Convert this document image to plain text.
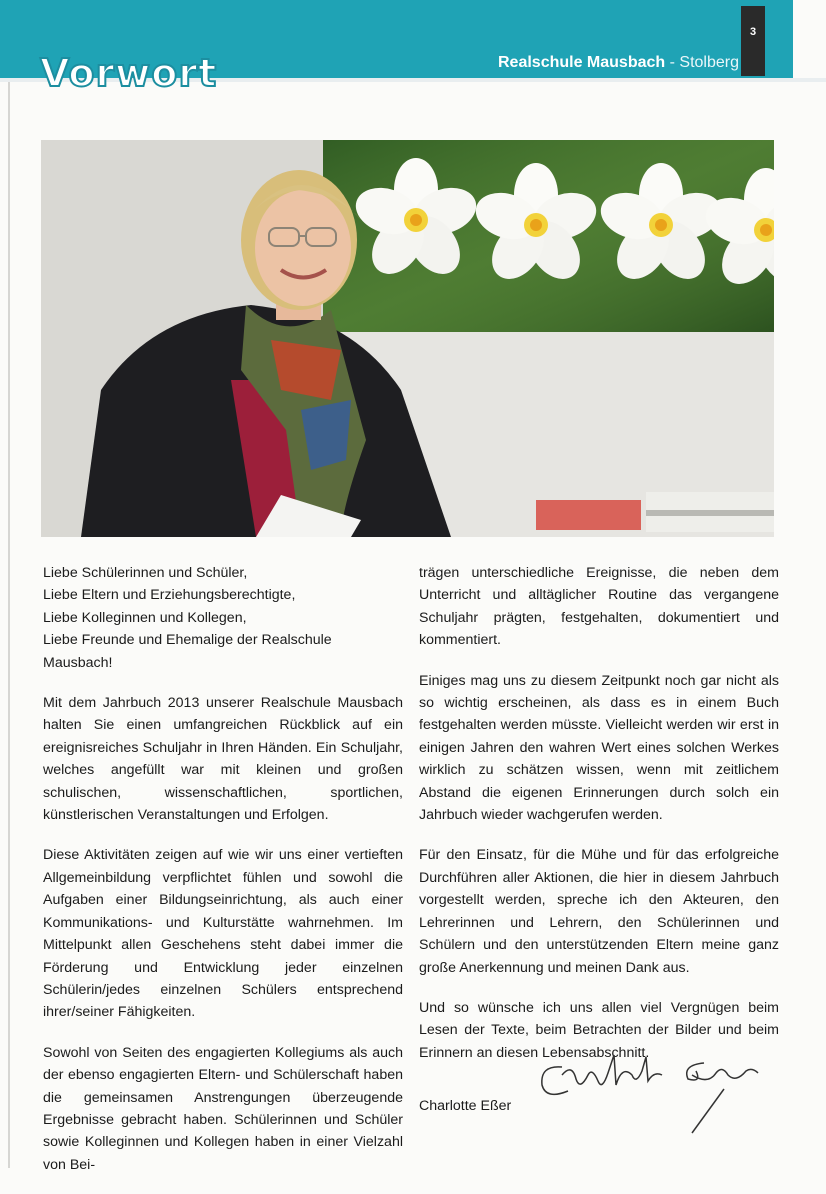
3
Realschule Mausbach - Stolberg
Vorwort

Liebe Schülerinnen und Schüler,
Liebe Eltern und Erziehungsberechtigte,
Liebe Kolleginnen und Kollegen,
Liebe Freunde und Ehemalige der Realschule Mausbach!

Mit dem Jahrbuch 2013 unserer Realschule Mausbach halten Sie einen umfangreichen Rückblick auf ein ereignisreiches Schuljahr in Ihren Händen. Ein Schuljahr, welches angefüllt war mit kleinen und großen schulischen, wissenschaftlichen, sportlichen, künstlerischen Veranstaltungen und Erfolgen.

Diese Aktivitäten zeigen auf wie wir uns einer vertieften Allgemeinbildung verpflichtet fühlen und sowohl die Aufgaben einer Bildungseinrichtung, als auch einer Kommunikations- und Kulturstätte wahrnehmen. Im Mittelpunkt allen Geschehens steht dabei immer die Förderung und Entwicklung jeder einzelnen Schülerin/jedes einzelnen Schülers entsprechend ihrer/seiner Fähigkeiten.

Sowohl von Seiten des engagierten Kollegiums als auch der ebenso engagierten Eltern- und Schülerschaft haben die gemeinsamen Anstrengungen überzeugende Ergebnisse gebracht haben. Schülerinnen und Schüler sowie Kolleginnen und Kollegen haben in einer Vielzahl von Bei-

trägen unterschiedliche Ereignisse, die neben dem Unterricht und alltäglicher Routine das vergangene Schuljahr prägten, festgehalten, dokumentiert und kommentiert.

Einiges mag uns zu diesem Zeitpunkt noch gar nicht als so wichtig erscheinen, als dass es in einem Buch festgehalten werden müsste. Vielleicht werden wir erst in einigen Jahren den wahren Wert eines solchen Werkes wirklich zu schätzen wissen, wenn mit zeitlichem Abstand die eigenen Erinnerungen durch solch ein Jahrbuch wieder wachgerufen werden.

Für den Einsatz, für die Mühe und für das erfolgreiche Durchführen aller Aktionen, die hier in diesem Jahrbuch vorgestellt werden, spreche ich den Akteuren, den Lehrerinnen und Lehrern, den Schülerinnen und Schülern und den unterstützenden Eltern meine ganz große Anerkennung und meinen Dank aus.

Und so wünsche ich uns allen viel Vergnügen beim Lesen der Texte, beim Betrachten der Bilder und beim Erinnern an diesen Lebensabschnitt.

Charlotte Eßer
